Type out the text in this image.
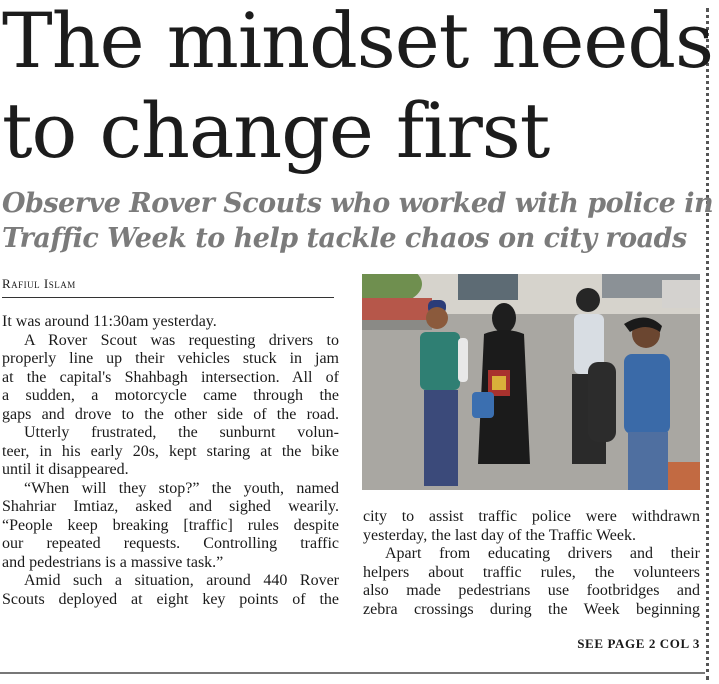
The mindset needs
to change first
Observe Rover Scouts who worked with police in
Traffic Week to help tackle chaos on city roads
Rafiul Islam

It was around 11:30am yesterday.

A Rover Scout was requesting drivers to

properly line up their vehicles stuck in jam

at the capital's Shahbagh intersection. All of

a sudden, a motorcycle came through the

gaps and drove to the other side of the road.

Utterly frustrated, the sunburnt volun-

teer, in his early 20s, kept staring at the bike

until it disappeared.

“When will they stop?” the youth, named

Shahriar Imtiaz, asked and sighed wearily.

“People keep breaking [traffic] rules despite

our repeated requests. Controlling traffic

and pedestrians is a massive task.”

Amid such a situation, around 440 Rover

Scouts deployed at eight key points of the

city to assist traffic police were withdrawn

yesterday, the last day of the Traffic Week.

Apart from educating drivers and their

helpers about traffic rules, the volunteers

also made pedestrians use footbridges and

zebra crossings during the Week beginning

SEE PAGE 2 COL 3
